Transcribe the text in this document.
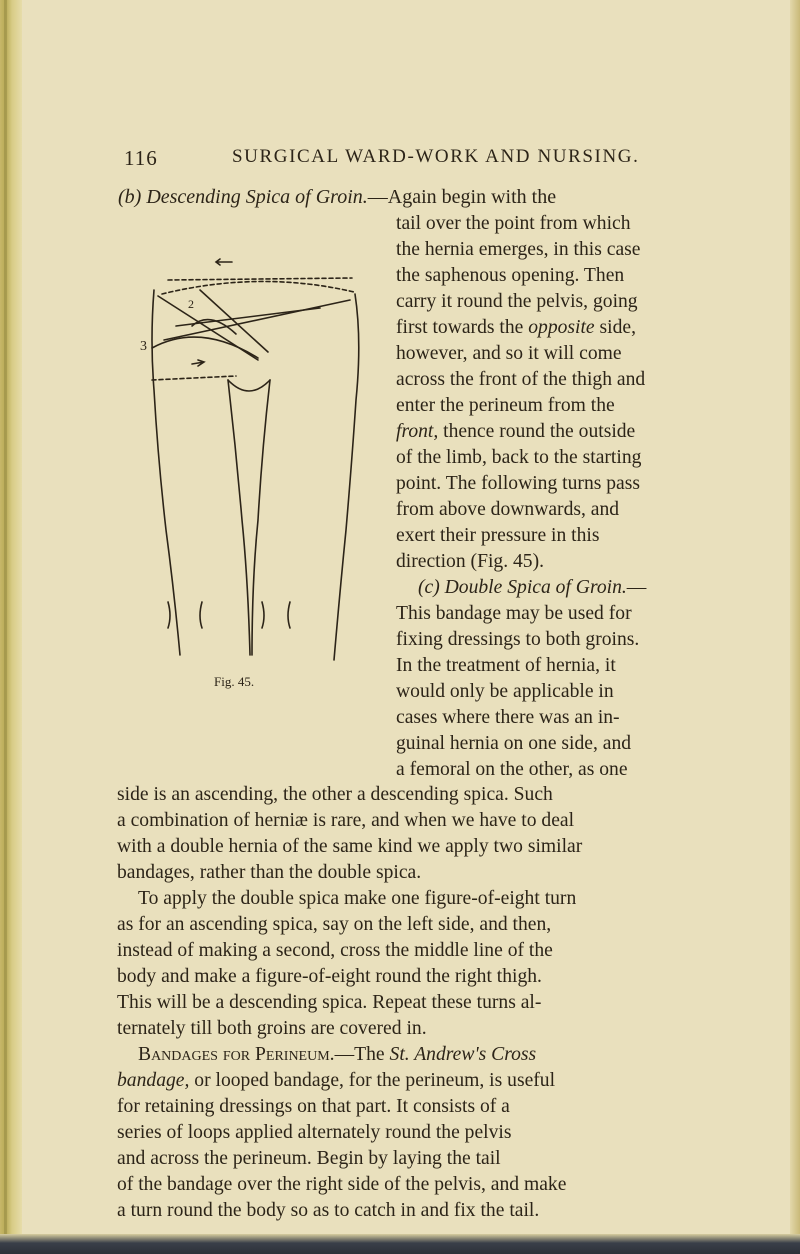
116	SURGICAL WARD-WORK AND NURSING.
(b) Descending Spica of Groin.—Again begin with the
3
2
Fig. 45.
tail over the point from which
the hernia emerges, in this case
the saphenous opening. Then
carry it round the pelvis, going
first towards the opposite side,
however, and so it will come
across the front of the thigh and
enter the perineum from the
front, thence round the outside
of the limb, back to the starting
point. The following turns pass
from above downwards, and
exert their pressure in this
direction (Fig. 45).
(c) Double Spica of Groin.—
This bandage may be used for
fixing dressings to both groins.
In the treatment of hernia, it
would only be applicable in
cases where there was an in-
guinal hernia on one side, and
a femoral on the other, as one
side is an ascending, the other a descending spica. Such
a combination of herniæ is rare, and when we have to deal
with a double hernia of the same kind we apply two similar
bandages, rather than the double spica.
To apply the double spica make one figure-of-eight turn
as for an ascending spica, say on the left side, and then,
instead of making a second, cross the middle line of the
body and make a figure-of-eight round the right thigh.
This will be a descending spica. Repeat these turns al-
ternately till both groins are covered in.
Bandages for Perineum.—The St. Andrew's Cross
bandage, or looped bandage, for the perineum, is useful
for retaining dressings on that part. It consists of a
series of loops applied alternately round the pelvis
and across the perineum. Begin by laying the tail
of the bandage over the right side of the pelvis, and make
a turn round the body so as to catch in and fix the tail.
